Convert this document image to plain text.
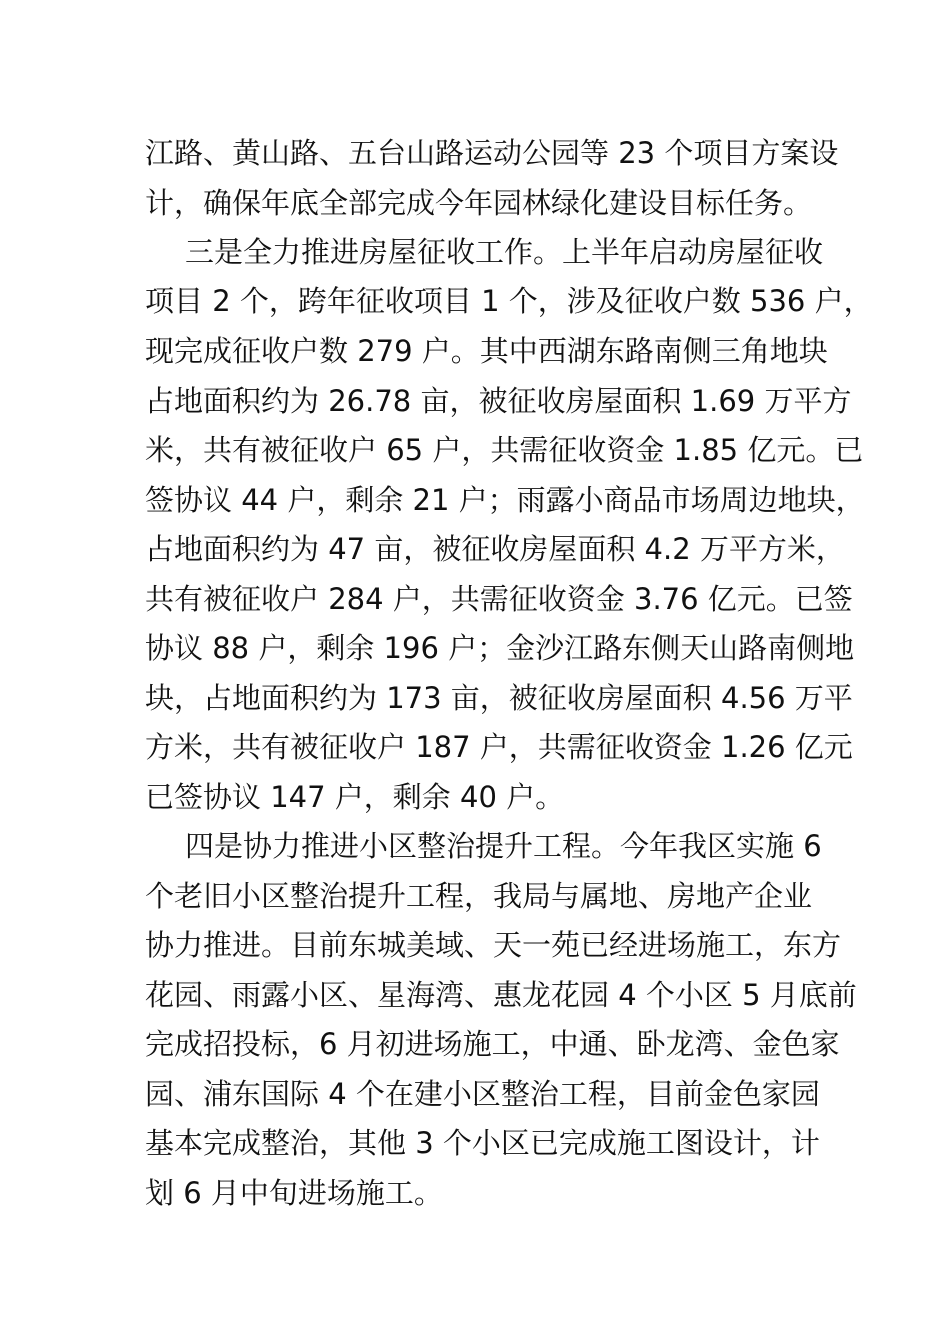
江路、黄山路、五台山路运动公园等 23 个项目方案设
计，确保年底全部完成今年园林绿化建设目标任务。
三是全力推进房屋征收工作。上半年启动房屋征收
项目 2 个，跨年征收项目 1 个，涉及征收户数 536 户，
现完成征收户数 279 户。其中西湖东路南侧三角地块
占地面积约为 26.78 亩，被征收房屋面积 1.69 万平方
米，共有被征收户 65 户，共需征收资金 1.85 亿元。已
签协议 44 户，剩余 21 户；雨露小商品市场周边地块，
占地面积约为 47 亩，被征收房屋面积 4.2 万平方米，
共有被征收户 284 户，共需征收资金 3.76 亿元。已签
协议 88 户，剩余 196 户；金沙江路东侧天山路南侧地
块，占地面积约为 173 亩，被征收房屋面积 4.56 万平
方米，共有被征收户 187 户，共需征收资金 1.26 亿元
已签协议 147 户，剩余 40 户。
四是协力推进小区整治提升工程。今年我区实施 6
个老旧小区整治提升工程，我局与属地、房地产企业
协力推进。目前东城美域、天一苑已经进场施工，东方
花园、雨露小区、星海湾、惠龙花园 4 个小区 5 月底前
完成招投标，6 月初进场施工，中通、卧龙湾、金色家
园、浦东国际 4 个在建小区整治工程，目前金色家园
基本完成整治，其他 3 个小区已完成施工图设计，计
划 6 月中旬进场施工。
